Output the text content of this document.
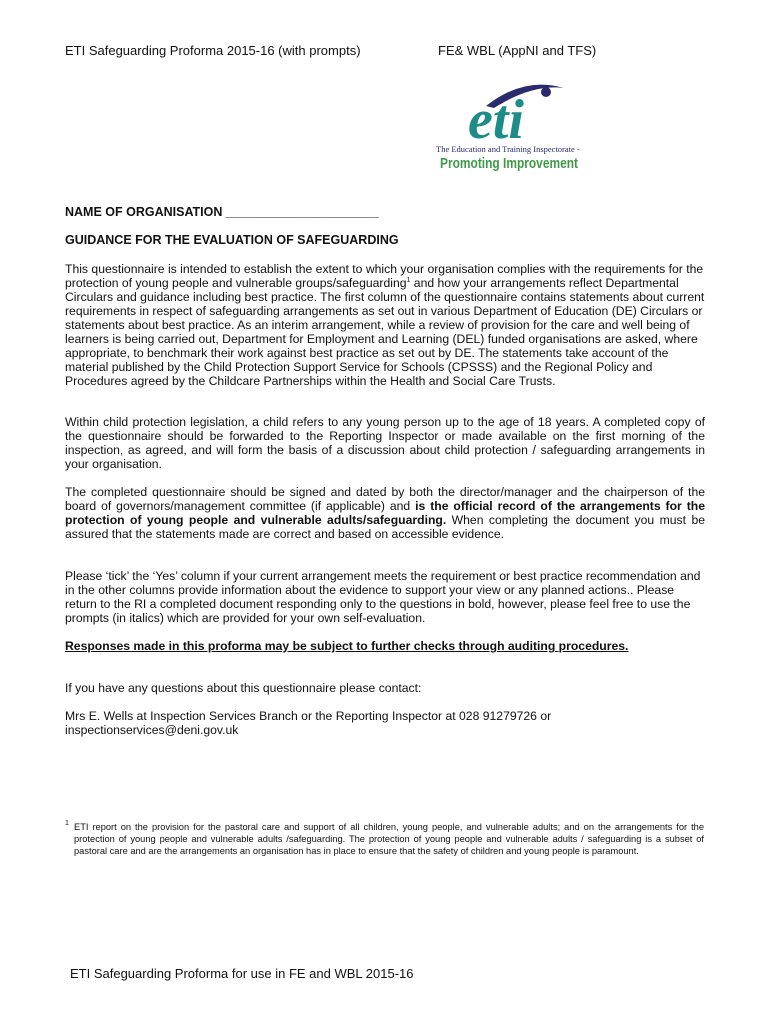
ETI Safeguarding Proforma 2015-16 (with prompts)	FE& WBL (AppNI and TFS)
eti
The Education and Training Inspectorate -
Promoting Improvement
NAME OF ORGANISATION ______________________
GUIDANCE FOR THE EVALUATION OF SAFEGUARDING

This questionnaire is intended to establish the extent to which your organisation complies with the requirements for the protection of young people and vulnerable groups/safeguarding$^1$ and how your arrangements reflect Departmental Circulars and guidance including best practice. The first column of the questionnaire contains statements about current requirements in respect of safeguarding arrangements as set out in various Department of Education (DE) Circulars or statements about best practice. As an interim arrangement, while a review of provision for the care and well being of learners is being carried out, Department for Employment and Learning (DEL) funded organisations are asked, where appropriate, to benchmark their work against best practice as set out by DE. The statements take account of the material published by the Child Protection Support Service for Schools (CPSSS) and the Regional Policy and Procedures agreed by the Childcare Partnerships within the Health and Social Care Trusts.

Within child protection legislation, a child refers to any young person up to the age of 18 years. A completed copy of the questionnaire should be forwarded to the Reporting Inspector or made available on the first morning of the inspection, as agreed, and will form the basis of a discussion about child protection / safeguarding arrangements in your organisation.

The completed questionnaire should be signed and dated by both the director/manager and the chairperson of the board of governors/management committee (if applicable) and is the official record of the arrangements for the protection of young people and vulnerable adults/safeguarding. When completing the document you must be assured that the statements made are correct and based on accessible evidence.

Please ‘tick’ the ‘Yes’ column if your current arrangement meets the requirement or best practice recommendation and in the other columns provide information about the evidence to support your view or any planned actions.. Please return to the RI a completed document responding only to the questions in bold, however, please feel free to use the prompts (in italics) which are provided for your own self-evaluation.

Responses made in this proforma may be subject to further checks through auditing procedures.

If you have any questions about this questionnaire please contact:

Mrs E. Wells at Inspection Services Branch or the Reporting Inspector at 028 91279726 or
inspectionservices@deni.gov.uk

1 ETI report on the provision for the pastoral care and support of all children, young people, and vulnerable adults; and on the arrangements for the protection of young people and vulnerable adults /safeguarding. The protection of young people and vulnerable adults / safeguarding is a subset of pastoral care and are the arrangements an organisation has in place to ensure that the safety of children and young people is paramount.

ETI Safeguarding Proforma for use in FE and WBL 2015-16
